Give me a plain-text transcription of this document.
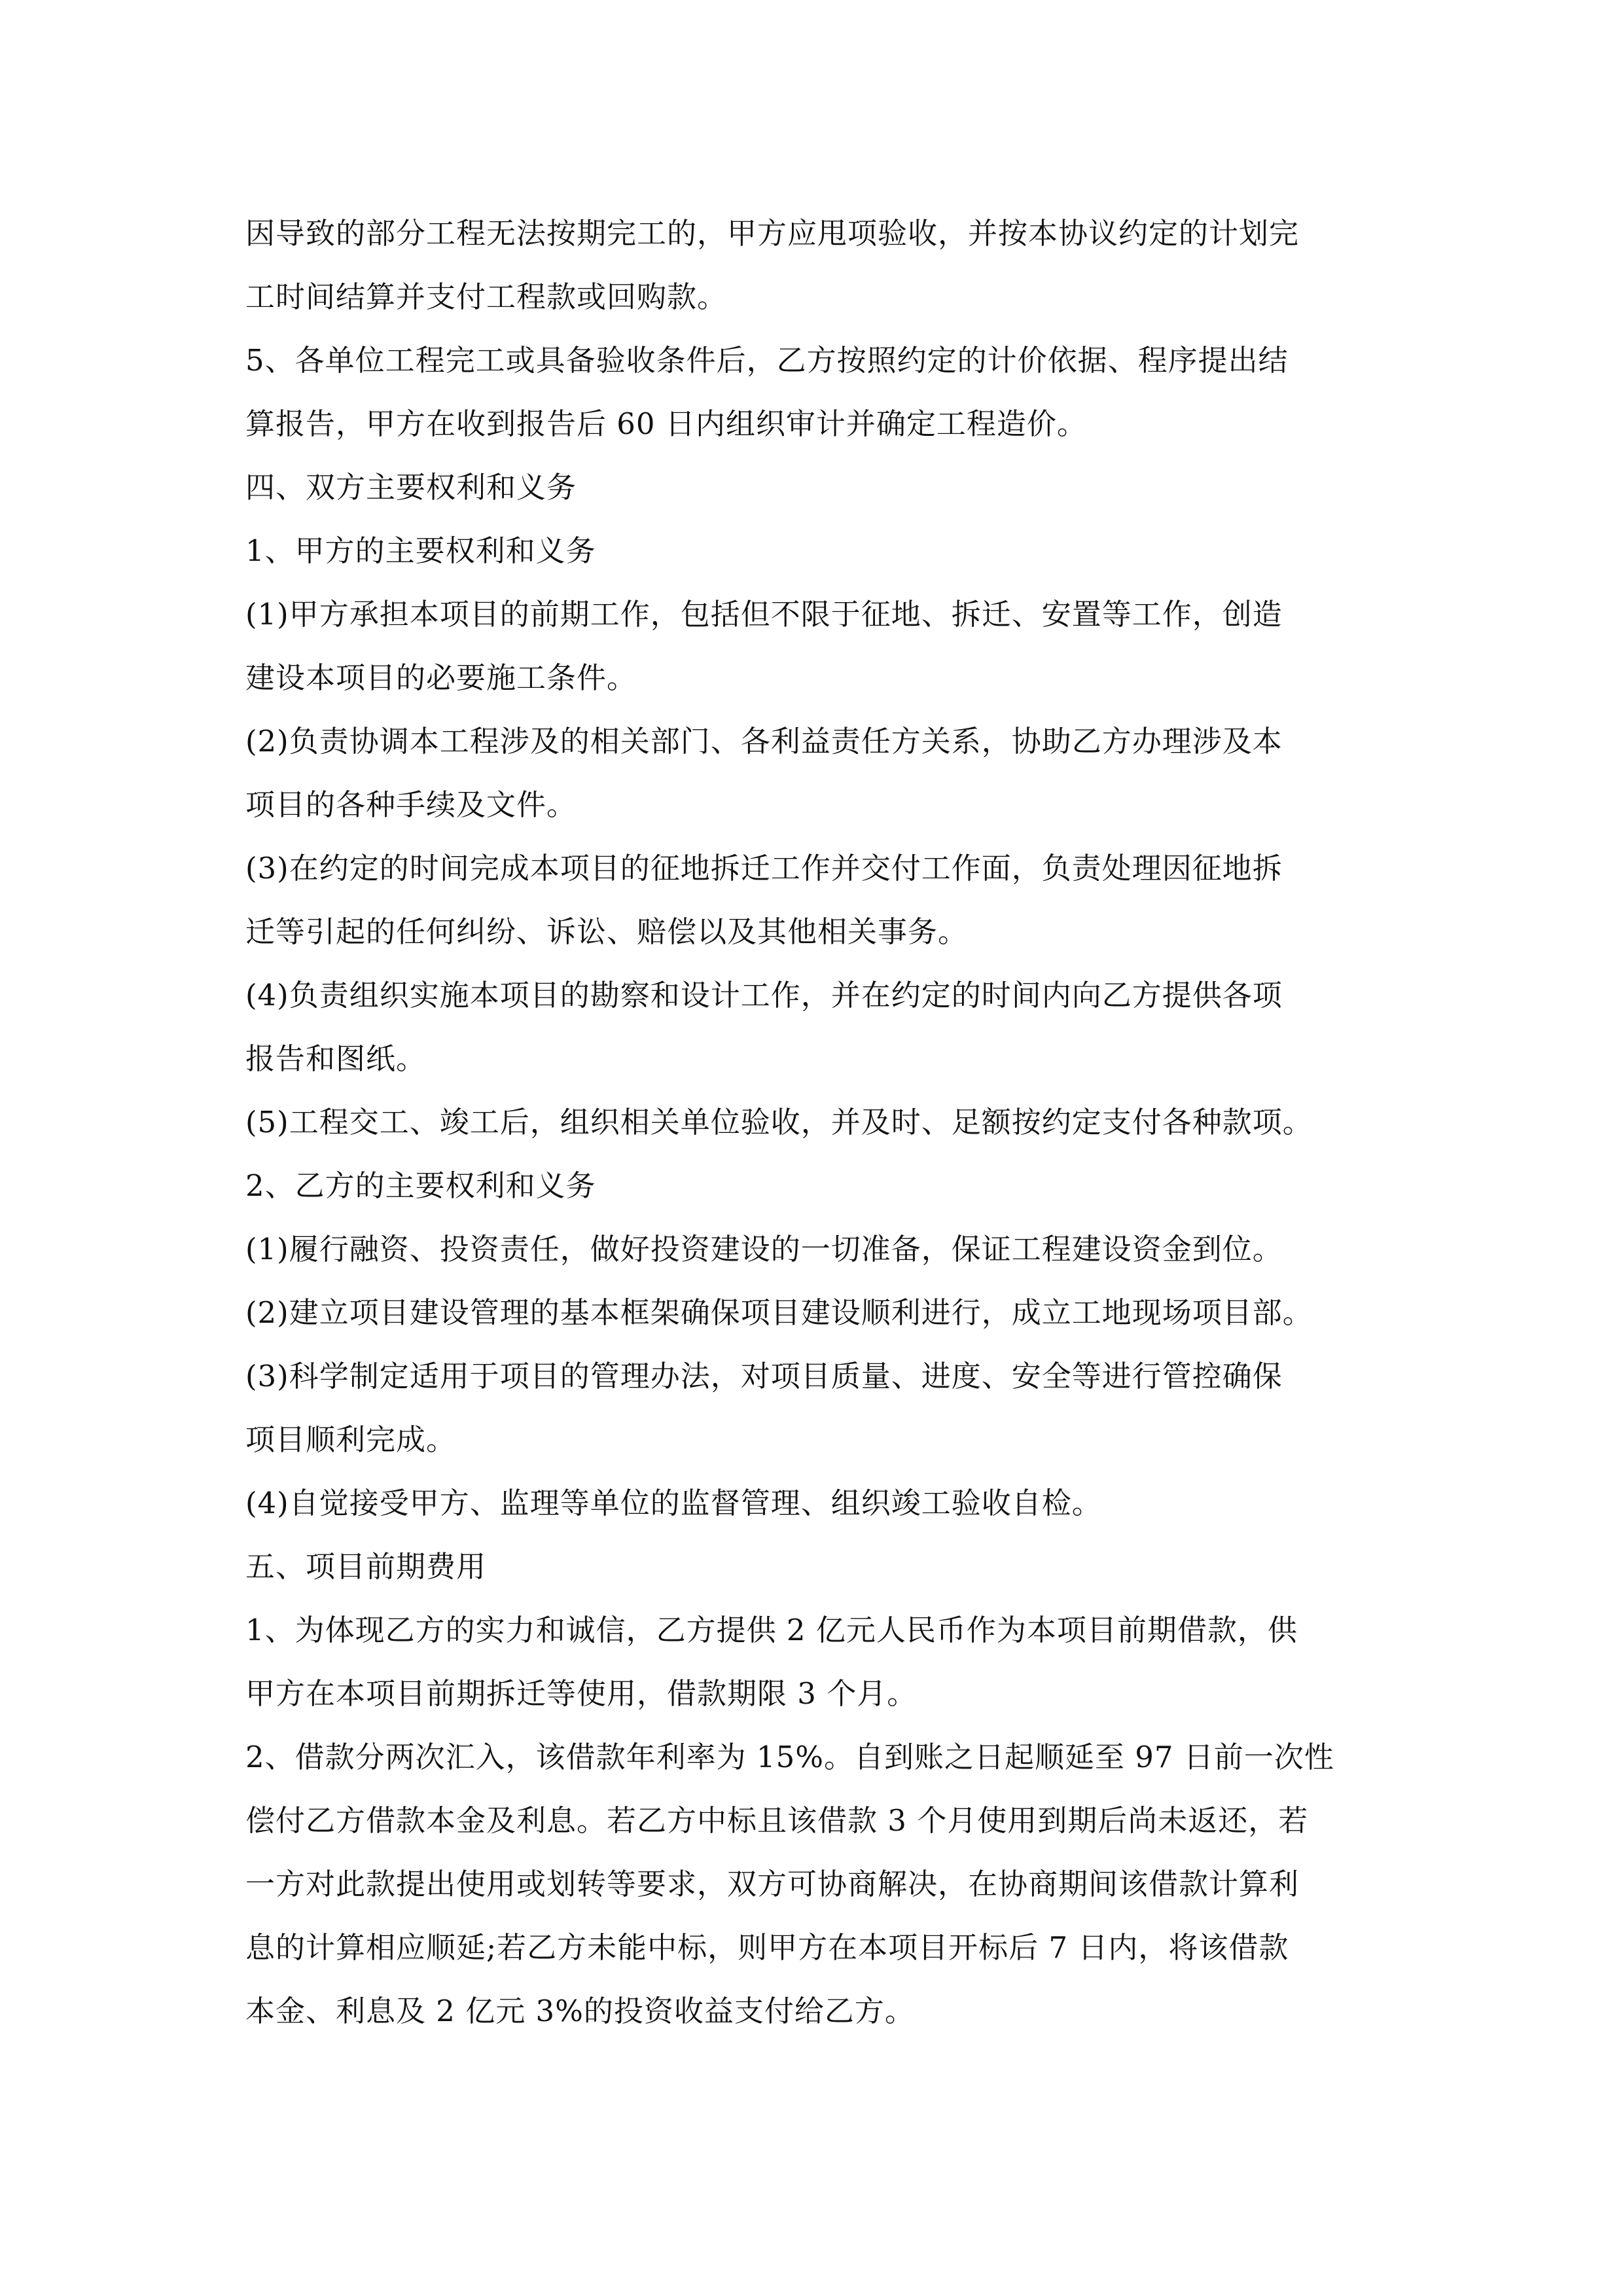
因导致的部分工程无法按期完工的，甲方应甩项验收，并按本协议约定的计划完
工时间结算并支付工程款或回购款。
5、各单位工程完工或具备验收条件后，乙方按照约定的计价依据、程序提出结
算报告，甲方在收到报告后 60 日内组织审计并确定工程造价。
四、双方主要权利和义务
1、甲方的主要权利和义务
(1)甲方承担本项目的前期工作，包括但不限于征地、拆迁、安置等工作，创造
建设本项目的必要施工条件。
(2)负责协调本工程涉及的相关部门、各利益责任方关系，协助乙方办理涉及本
项目的各种手续及文件。
(3)在约定的时间完成本项目的征地拆迁工作并交付工作面，负责处理因征地拆
迁等引起的任何纠纷、诉讼、赔偿以及其他相关事务。
(4)负责组织实施本项目的勘察和设计工作，并在约定的时间内向乙方提供各项
报告和图纸。
(5)工程交工、竣工后，组织相关单位验收，并及时、足额按约定支付各种款项。
2、乙方的主要权利和义务
(1)履行融资、投资责任，做好投资建设的一切准备，保证工程建设资金到位。
(2)建立项目建设管理的基本框架确保项目建设顺利进行，成立工地现场项目部。
(3)科学制定适用于项目的管理办法，对项目质量、进度、安全等进行管控确保
项目顺利完成。
(4)自觉接受甲方、监理等单位的监督管理、组织竣工验收自检。
五、项目前期费用
1、为体现乙方的实力和诚信，乙方提供 2 亿元人民币作为本项目前期借款，供
甲方在本项目前期拆迁等使用，借款期限 3 个月。
2、借款分两次汇入，该借款年利率为 15%。自到账之日起顺延至 97 日前一次性
偿付乙方借款本金及利息。若乙方中标且该借款 3 个月使用到期后尚未返还，若
一方对此款提出使用或划转等要求，双方可协商解决，在协商期间该借款计算利
息的计算相应顺延;若乙方未能中标，则甲方在本项目开标后 7 日内，将该借款
本金、利息及 2 亿元 3%的投资收益支付给乙方。
